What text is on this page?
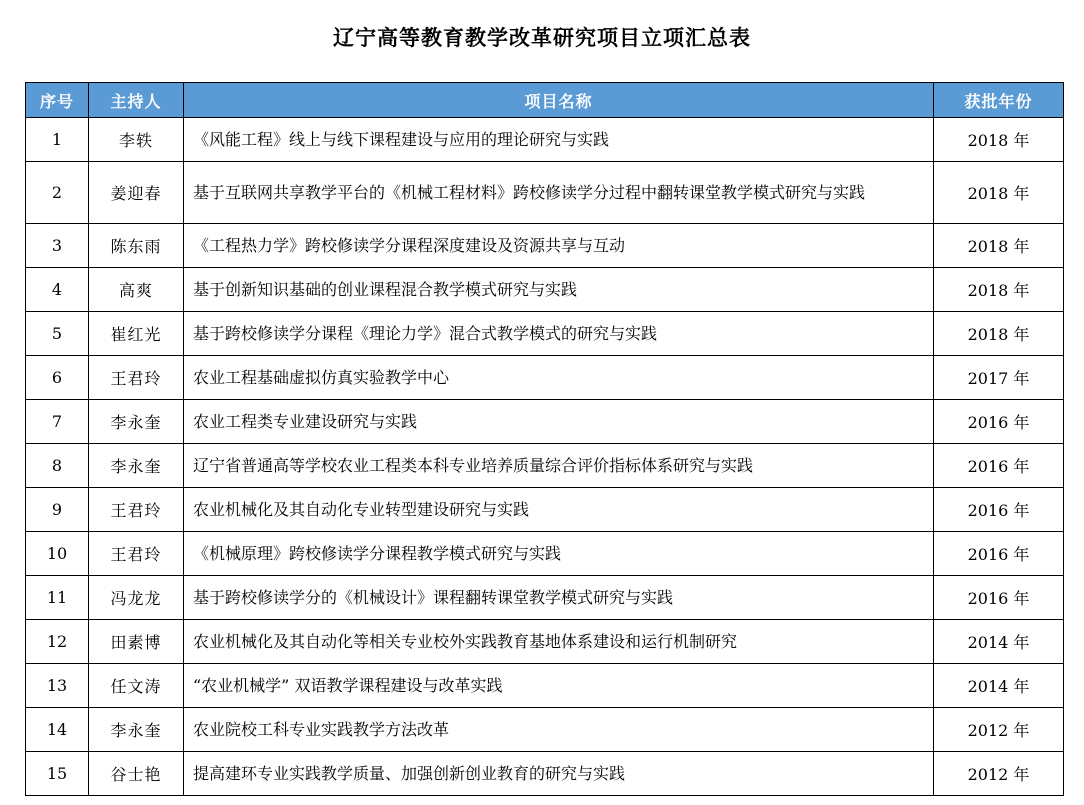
辽宁高等教育教学改革研究项目立项汇总表
序号	主持人	项目名称	获批年份
1	李轶	《风能工程》线上与线下课程建设与应用的理论研究与实践	2018 年
2	姜迎春	基于互联网共享教学平台的《机械工程材料》跨校修读学分过程中翻转课堂教学模式研究与实践	2018 年
3	陈东雨	《工程热力学》跨校修读学分课程深度建设及资源共享与互动	2018 年
4	高爽	基于创新知识基础的创业课程混合教学模式研究与实践	2018 年
5	崔红光	基于跨校修读学分课程《理论力学》混合式教学模式的研究与实践	2018 年
6	王君玲	农业工程基础虚拟仿真实验教学中心	2017 年
7	李永奎	农业工程类专业建设研究与实践	2016 年
8	李永奎	辽宁省普通高等学校农业工程类本科专业培养质量综合评价指标体系研究与实践	2016 年
9	王君玲	农业机械化及其自动化专业转型建设研究与实践	2016 年
10	王君玲	《机械原理》跨校修读学分课程教学模式研究与实践	2016 年
11	冯龙龙	基于跨校修读学分的《机械设计》课程翻转课堂教学模式研究与实践	2016 年
12	田素博	农业机械化及其自动化等相关专业校外实践教育基地体系建设和运行机制研究	2014 年
13	任文涛	“农业机械学” 双语教学课程建设与改革实践	2014 年
14	李永奎	农业院校工科专业实践教学方法改革	2012 年
15	谷士艳	提高建环专业实践教学质量、加强创新创业教育的研究与实践	2012 年
